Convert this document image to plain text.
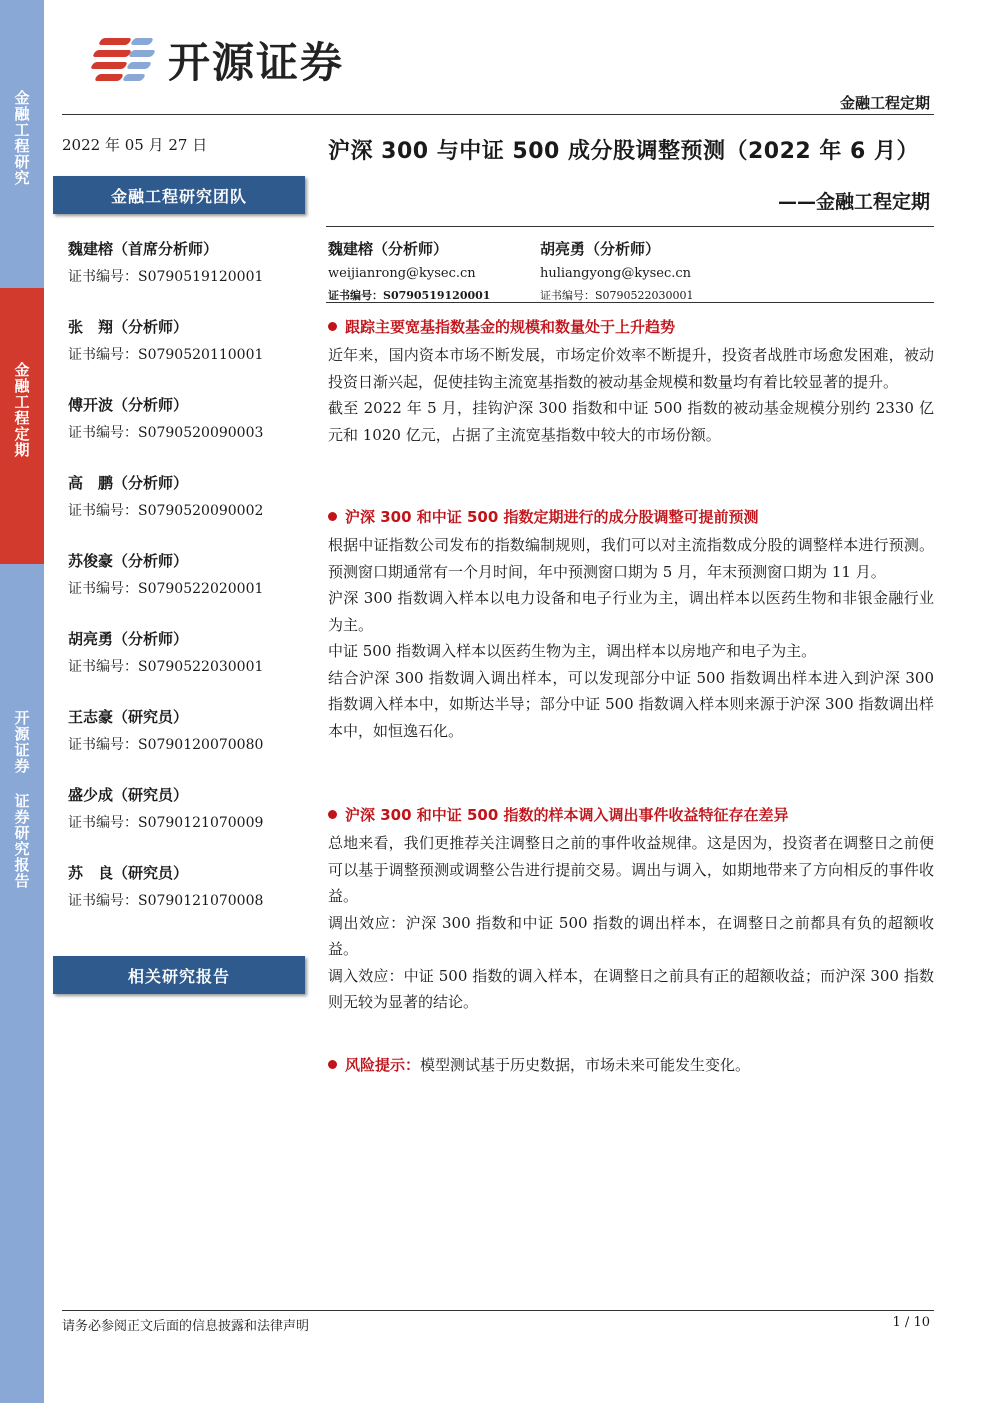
金融工程研究
金融工程定期
开源证券 证券研究报告
开源证券
金融工程定期
2022 年 05 月 27 日
金融工程研究团队
魏建榕（首席分析师）
证书编号：S0790519120001
张　翔（分析师）
证书编号：S0790520110001
傅开波（分析师）
证书编号：S0790520090003
高　鹏（分析师）
证书编号：S0790520090002
苏俊豪（分析师）
证书编号：S0790522020001
胡亮勇（分析师）
证书编号：S0790522030001
王志豪（研究员）
证书编号：S0790120070080
盛少成（研究员）
证书编号：S0790121070009
苏　良（研究员）
证书编号：S0790121070008
相关研究报告
沪深 300 与中证 500 成分股调整预测（2022 年 6 月）
——金融工程定期
魏建榕（分析师）
weijianrong@kysec.cn
证书编号：S0790519120001
胡亮勇（分析师）
huliangyong@kysec.cn
证书编号：S0790522030001
跟踪主要宽基指数基金的规模和数量处于上升趋势

近年来，国内资本市场不断发展，市场定价效率不断提升，投资者战胜市场愈发困难，被动投资日渐兴起，促使挂钩主流宽基指数的被动基金规模和数量均有着比较显著的提升。

截至 2022 年 5 月，挂钩沪深 300 指数和中证 500 指数的被动基金规模分别约 2330 亿元和 1020 亿元，占据了主流宽基指数中较大的市场份额。

沪深 300 和中证 500 指数定期进行的成分股调整可提前预测

根据中证指数公司发布的指数编制规则，我们可以对主流指数成分股的调整样本进行预测。预测窗口期通常有一个月时间，年中预测窗口期为 5 月，年末预测窗口期为 11 月。

沪深 300 指数调入样本以电力设备和电子行业为主，调出样本以医药生物和非银金融行业为主。

中证 500 指数调入样本以医药生物为主，调出样本以房地产和电子为主。

结合沪深 300 指数调入调出样本，可以发现部分中证 500 指数调出样本进入到沪深 300 指数调入样本中，如斯达半导；部分中证 500 指数调入样本则来源于沪深 300 指数调出样本中，如恒逸石化。

沪深 300 和中证 500 指数的样本调入调出事件收益特征存在差异

总地来看，我们更推荐关注调整日之前的事件收益规律。这是因为，投资者在调整日之前便可以基于调整预测或调整公告进行提前交易。调出与调入，如期地带来了方向相反的事件收益。

调出效应：沪深 300 指数和中证 500 指数的调出样本，在调整日之前都具有负的超额收益。

调入效应：中证 500 指数的调入样本，在调整日之前具有正的超额收益；而沪深 300 指数则无较为显著的结论。

风险提示： 模型测试基于历史数据，市场未来可能发生变化。
请务必参阅正文后面的信息披露和法律声明	1 / 10
